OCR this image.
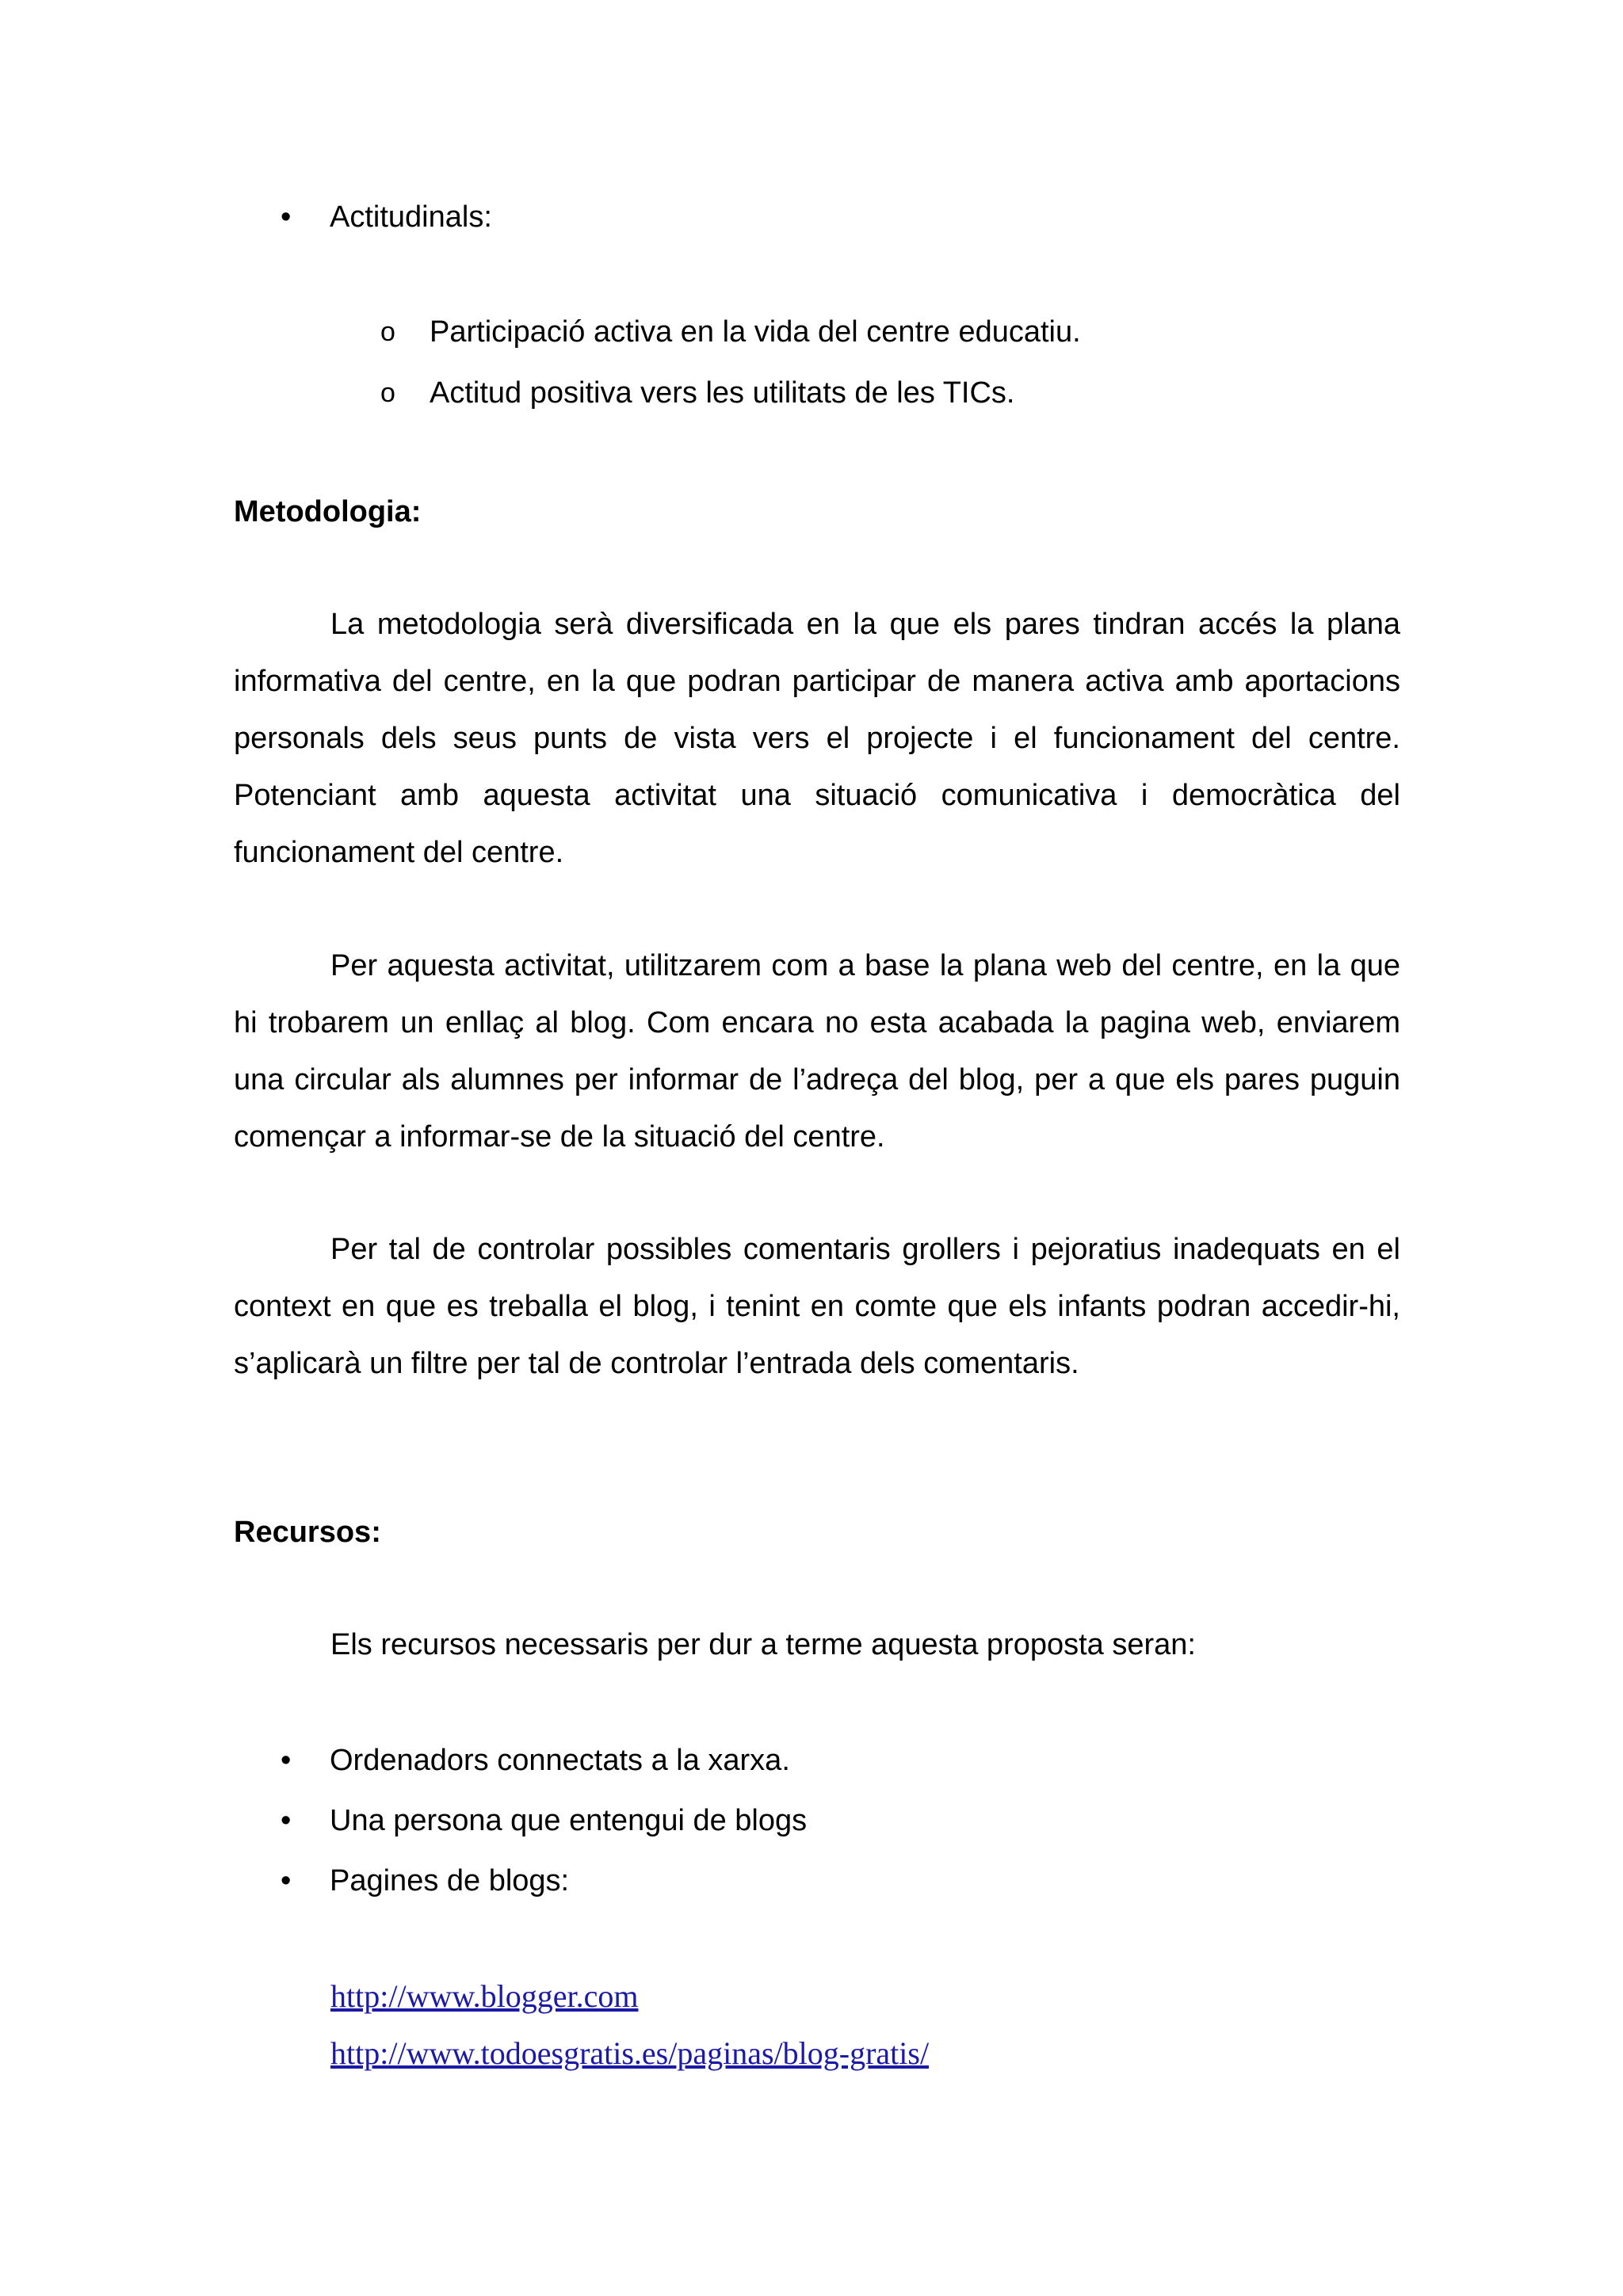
•	Actitudinals:
o	Participació activa en la vida del centre educatiu.
o	Actitud positiva vers les utilitats de les TICs.
Metodologia:

La metodologia serà diversificada en la que els pares tindran accés la plana informativa del centre, en la que podran participar de manera activa amb aportacions personals dels seus punts de vista vers el projecte i el funcionament del centre. Potenciant amb aquesta activitat una situació comunicativa i democràtica del funcionament del centre.

Per aquesta activitat, utilitzarem com a base la plana web del centre, en la que hi trobarem un enllaç al blog. Com encara no esta acabada la pagina web, enviarem una circular als alumnes per informar de l’adreça del blog, per a que els pares puguin començar a informar-se de la situació del centre.

Per tal de controlar possibles comentaris grollers i pejoratius inadequats en el context en que es treballa el blog, i tenint en comte que els infants podran accedir-hi, s’aplicarà un filtre per tal de controlar l’entrada dels comentaris.

Recursos:
Els recursos necessaris per dur a terme aquesta proposta seran:
•	Ordenadors connectats a la xarxa.
•	Una persona que entengui de blogs
•	Pagines de blogs:
http://www.blogger.com
http://www.todoesgratis.es/paginas/blog-gratis/
